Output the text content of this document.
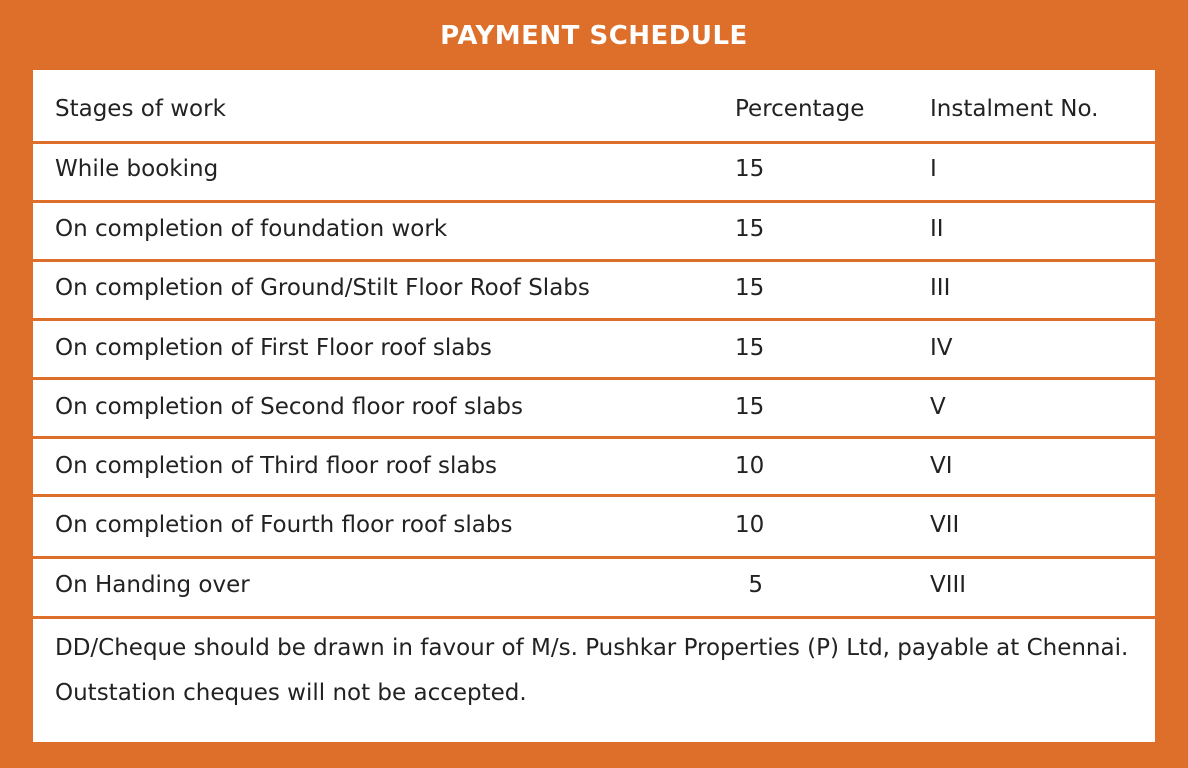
PAYMENT SCHEDULE
Stages of work	Percentage	Instalment No.
While booking	15	I
On completion of foundation work	15	II
On completion of Ground/Stilt Floor Roof Slabs	15	III
On completion of First Floor roof slabs	15	IV
On completion of Second floor roof slabs	15	V
On completion of Third floor roof slabs	10	VI
On completion of Fourth floor roof slabs	10	VII
On Handing over	5	VIII
DD/Cheque should be drawn in favour of M/s. Pushkar Properties (P) Ltd, payable at Chennai.
Outstation cheques will not be accepted.
